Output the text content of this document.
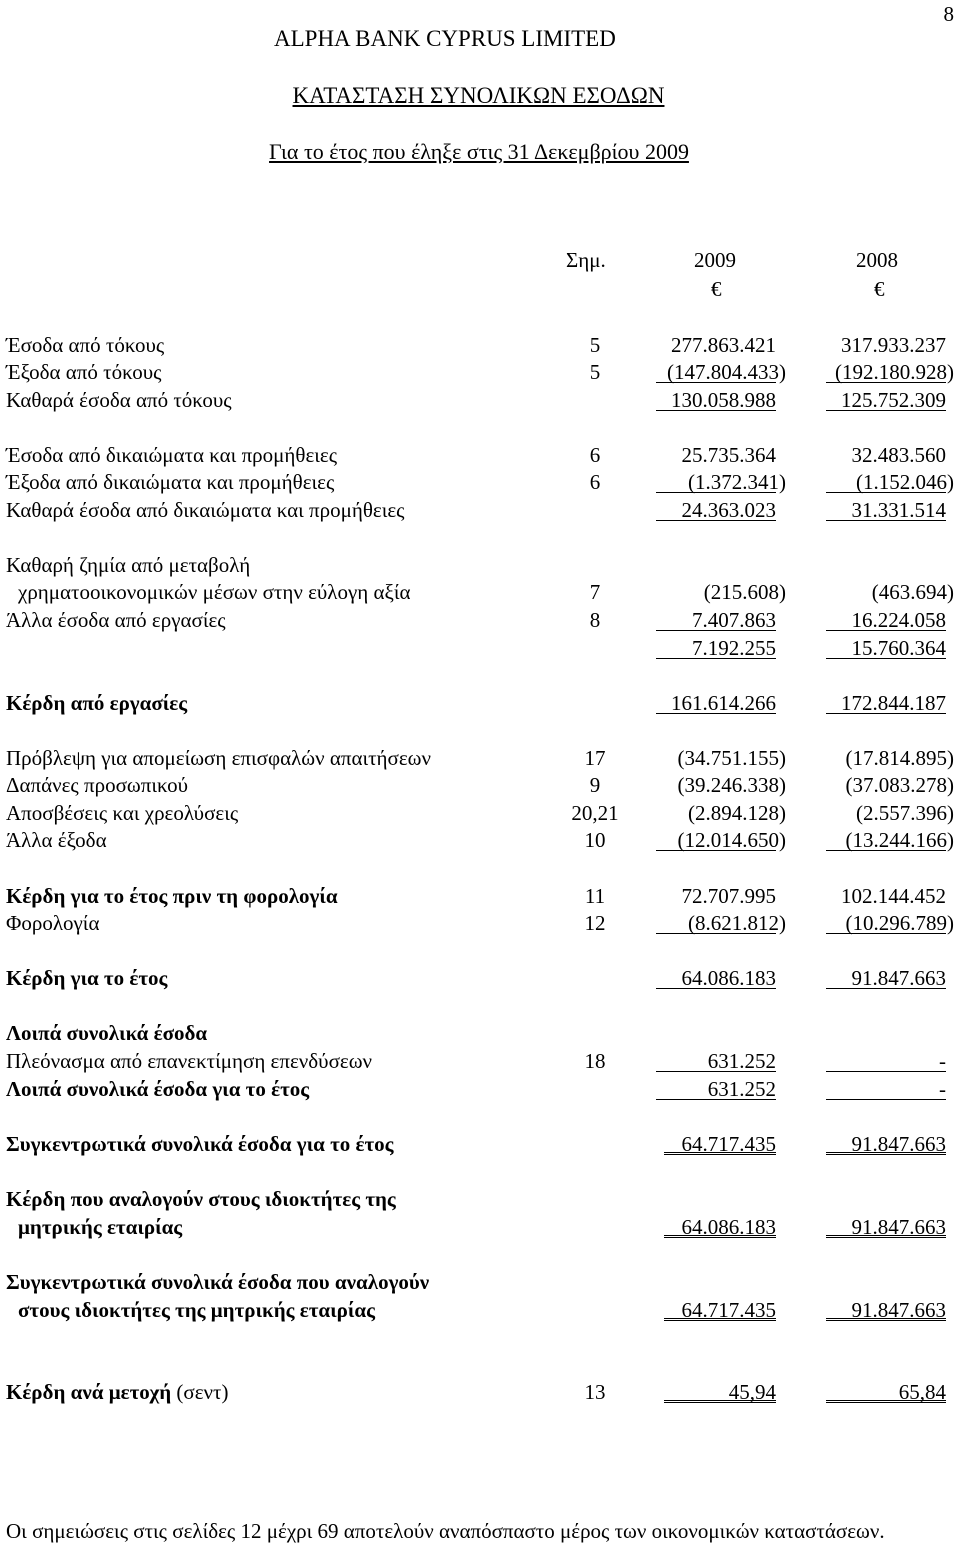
8
ALPHA BANK CYPRUS LIMITED
ΚΑΤΑΣΤΑΣΗ ΣΥΝΟΛΙΚΩΝ ΕΣΟΔΩΝ
Για το έτος που έληξε στις 31 Δεκεμβρίου 2009
Σημ.	2009	2008
€	€
Έσοδα από τόκους	5	277.863.421	317.933.237
Έξοδα από τόκους	5	(147.804.433) (192.180.928)
Καθαρά έσοδα από τόκους	130.058.988	125.752.309
Έσοδα από δικαιώματα και προμήθειες	6	25.735.364	32.483.560
Έξοδα από δικαιώματα και προμήθειες	6	(1.372.341)	(1.152.046)
Καθαρά έσοδα από δικαιώματα και προμήθειες	24.363.023	31.331.514
Καθαρή ζημία από μεταβολή
χρηματοοικονομικών μέσων στην εύλογη αξία	7	(215.608)	(463.694)
Άλλα έσοδα από εργασίες	8	7.407.863	16.224.058
7.192.255	15.760.364
Κέρδη από εργασίες	161.614.266	172.844.187
Πρόβλεψη για απομείωση επισφαλών απαιτήσεων	17	(34.751.155)	(17.814.895)
Δαπάνες προσωπικού	9	(39.246.338)	(37.083.278)
Αποσβέσεις και χρεολύσεις	20,21	(2.894.128)	(2.557.396)
Άλλα έξοδα	10	(12.014.650)	(13.244.166)
Κέρδη για το έτος πριν τη φορολογία	11	72.707.995	102.144.452
Φορολογία	12	(8.621.812)	(10.296.789)
Κέρδη για το έτος	64.086.183	91.847.663
Λοιπά συνολικά έσοδα
Πλεόνασμα από επανεκτίμηση επενδύσεων	18	631.252	-
Λοιπά συνολικά έσοδα για το έτος	631.252	-
Συγκεντρωτικά συνολικά έσοδα για το έτος	64.717.435	91.847.663
Κέρδη που αναλογούν στους ιδιοκτήτες της
μητρικής εταιρίας	64.086.183	91.847.663
Συγκεντρωτικά συνολικά έσοδα που αναλογούν
στους ιδιοκτήτες της μητρικής εταιρίας	64.717.435	91.847.663
Κέρδη ανά μετοχή (σεντ)	13	45,94	65,84
Οι σημειώσεις στις σελίδες 12 μέχρι 69 αποτελούν αναπόσπαστο μέρος των οικονομικών καταστάσεων.
